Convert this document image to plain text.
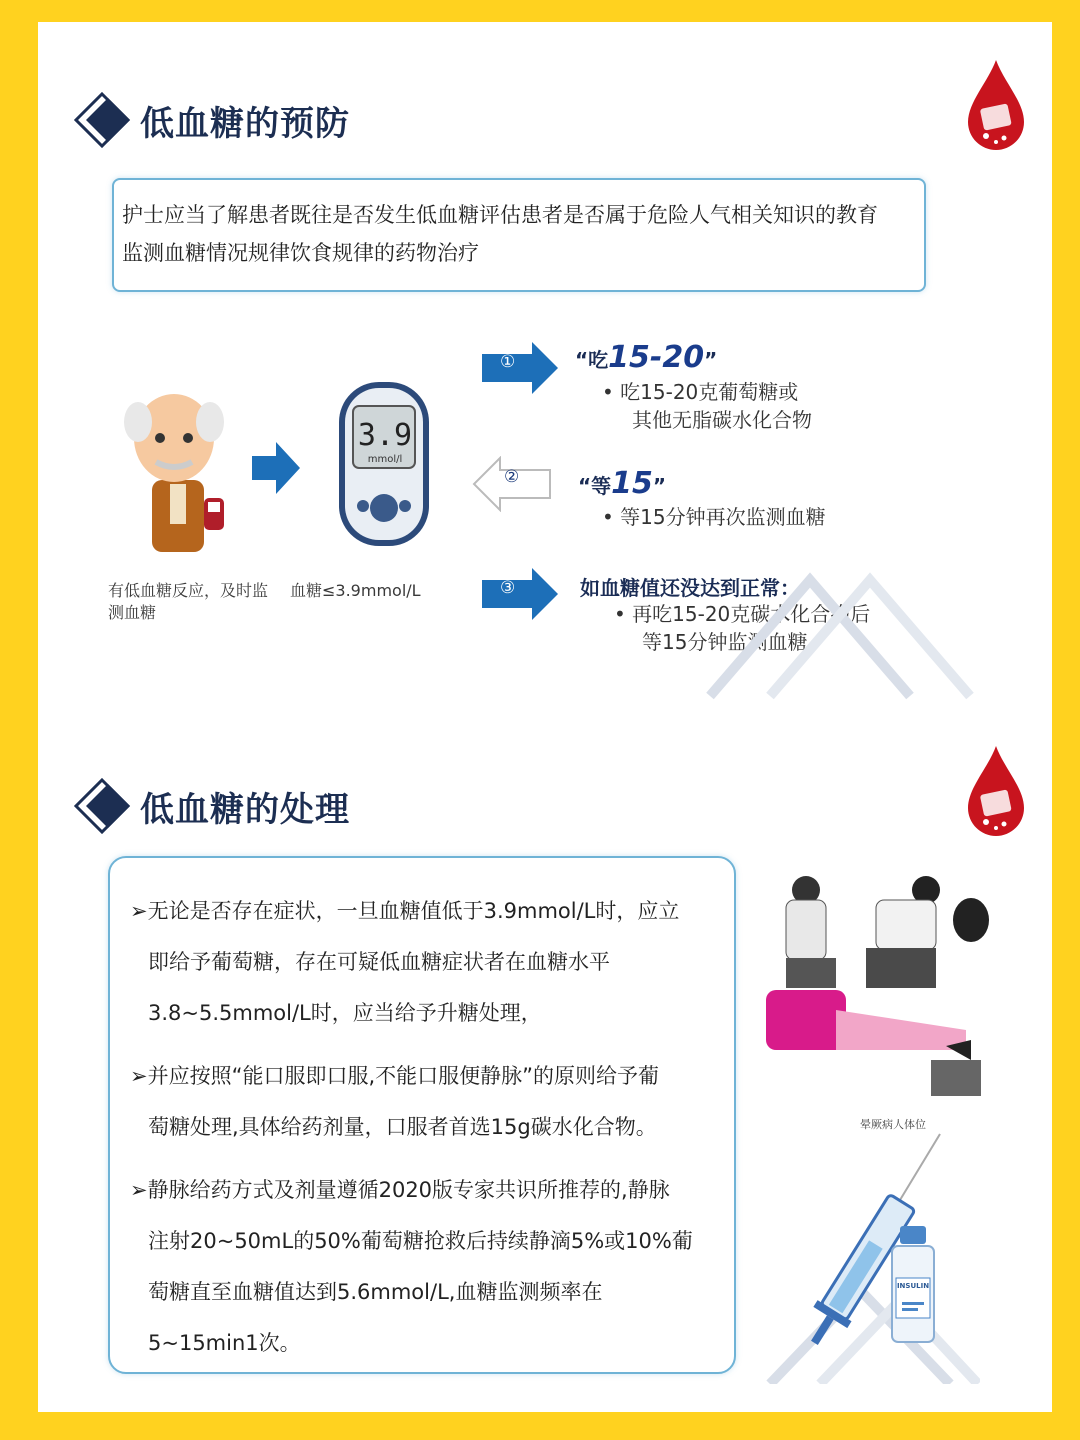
低血糖的预防
护士应当了解患者既往是否发生低血糖评估患者是否属于危险人气相关知识的教育
监测血糖情况规律饮食规律的药物治疗
3.9
mmol/l
有低血糖反应，及时监
测血糖
血糖≤3.9mmol/L
①	“吃15-20”
• 吃15-20克葡萄糖或
其他无脂碳水化合物
②	“等15”
• 等15分钟再次监测血糖
③	如血糖值还没达到正常：
• 再吃15-20克碳水化合物后
等15分钟监测血糖
低血糖的处理
➢无论是否存在症状，一旦血糖值低于3.9mmol/L时，应立
即给予葡萄糖，存在可疑低血糖症状者在血糖水平
3.8~5.5mmol/L时，应当给予升糖处理，
➢并应按照“能口服即口服,不能口服便静脉”的原则给予葡
萄糖处理,具体给药剂量，口服者首选15g碳水化合物。
➢静脉给药方式及剂量遵循2020版专家共识所推荐的,静脉
注射20~50mL的50%葡萄糖抢救后持续静滴5%或10%葡
萄糖直至血糖值达到5.6mmol/L,血糖监测频率在
5~15min1次。
晕厥病人体位
INSULIN
